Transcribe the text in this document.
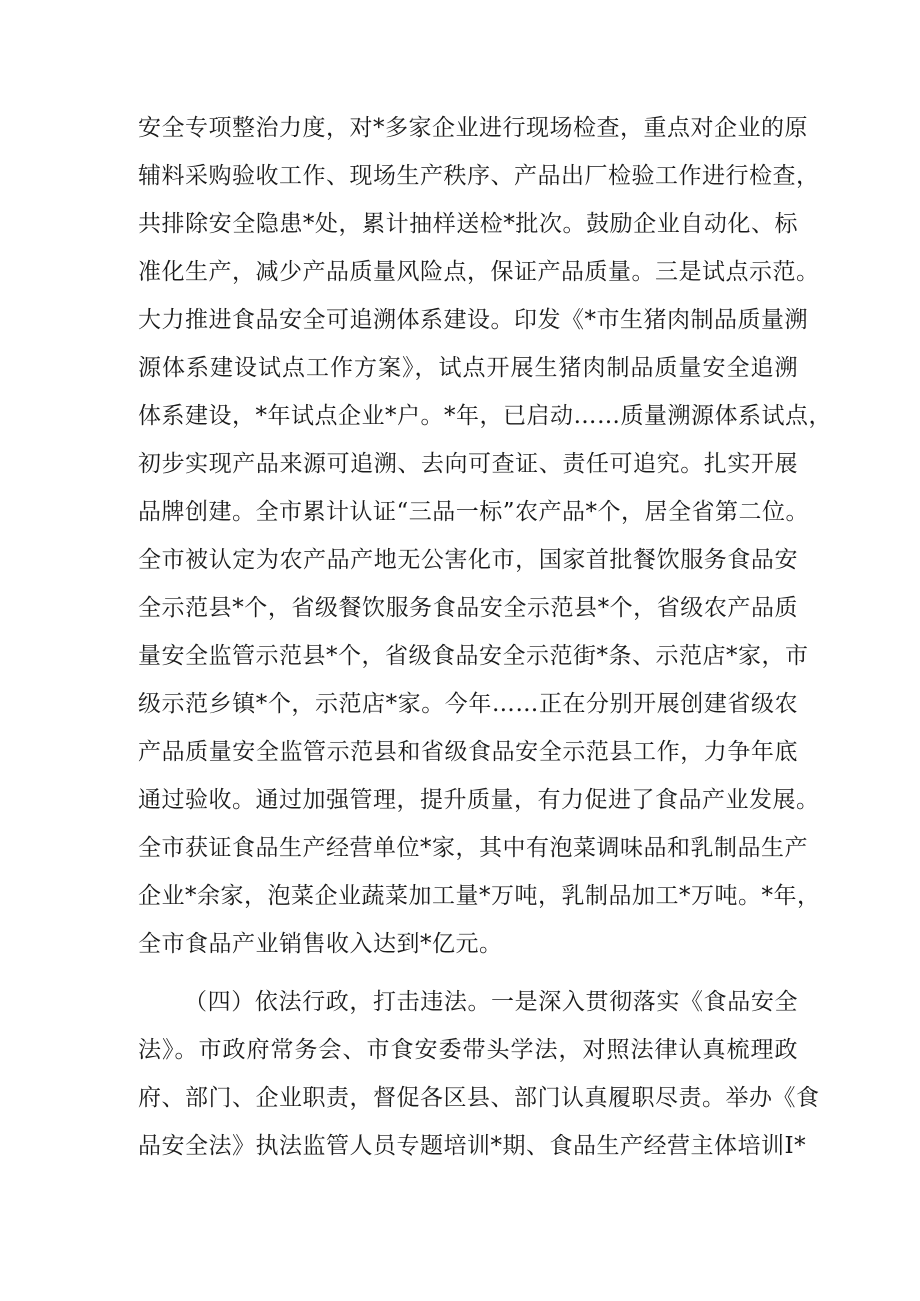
安全专项整治力度，对*多家企业进行现场检查，重点对企业的原
辅料采购验收工作、现场生产秩序、产品出厂检验工作进行检查，
共排除安全隐患*处，累计抽样送检*批次。鼓励企业自动化、标
准化生产，减少产品质量风险点，保证产品质量。三是试点示范。
大力推进食品安全可追溯体系建设。印发《*市生猪肉制品质量溯
源体系建设试点工作方案》，试点开展生猪肉制品质量安全追溯
体系建设，*年试点企业*户。*年，已启动……质量溯源体系试点，
初步实现产品来源可追溯、去向可查证、责任可追究。扎实开展
品牌创建。全市累计认证“三品一标”农产品*个，居全省第二位。
全市被认定为农产品产地无公害化市，国家首批餐饮服务食品安
全示范县*个，省级餐饮服务食品安全示范县*个，省级农产品质
量安全监管示范县*个，省级食品安全示范街*条、示范店*家，市
级示范乡镇*个，示范店*家。今年……正在分别开展创建省级农
产品质量安全监管示范县和省级食品安全示范县工作，力争年底
通过验收。通过加强管理，提升质量，有力促进了食品产业发展。
全市获证食品生产经营单位*家，其中有泡菜调味品和乳制品生产
企业*余家，泡菜企业蔬菜加工量*万吨，乳制品加工*万吨。*年，
全市食品产业销售收入达到*亿元。
（四）依法行政，打击违法。一是深入贯彻落实《食品安全
法》。市政府常务会、市食安委带头学法，对照法律认真梳理政
府、部门、企业职责，督促各区县、部门认真履职尽责。举办《食
品安全法》执法监管人员专题培训*期、食品生产经营主体培训I*
